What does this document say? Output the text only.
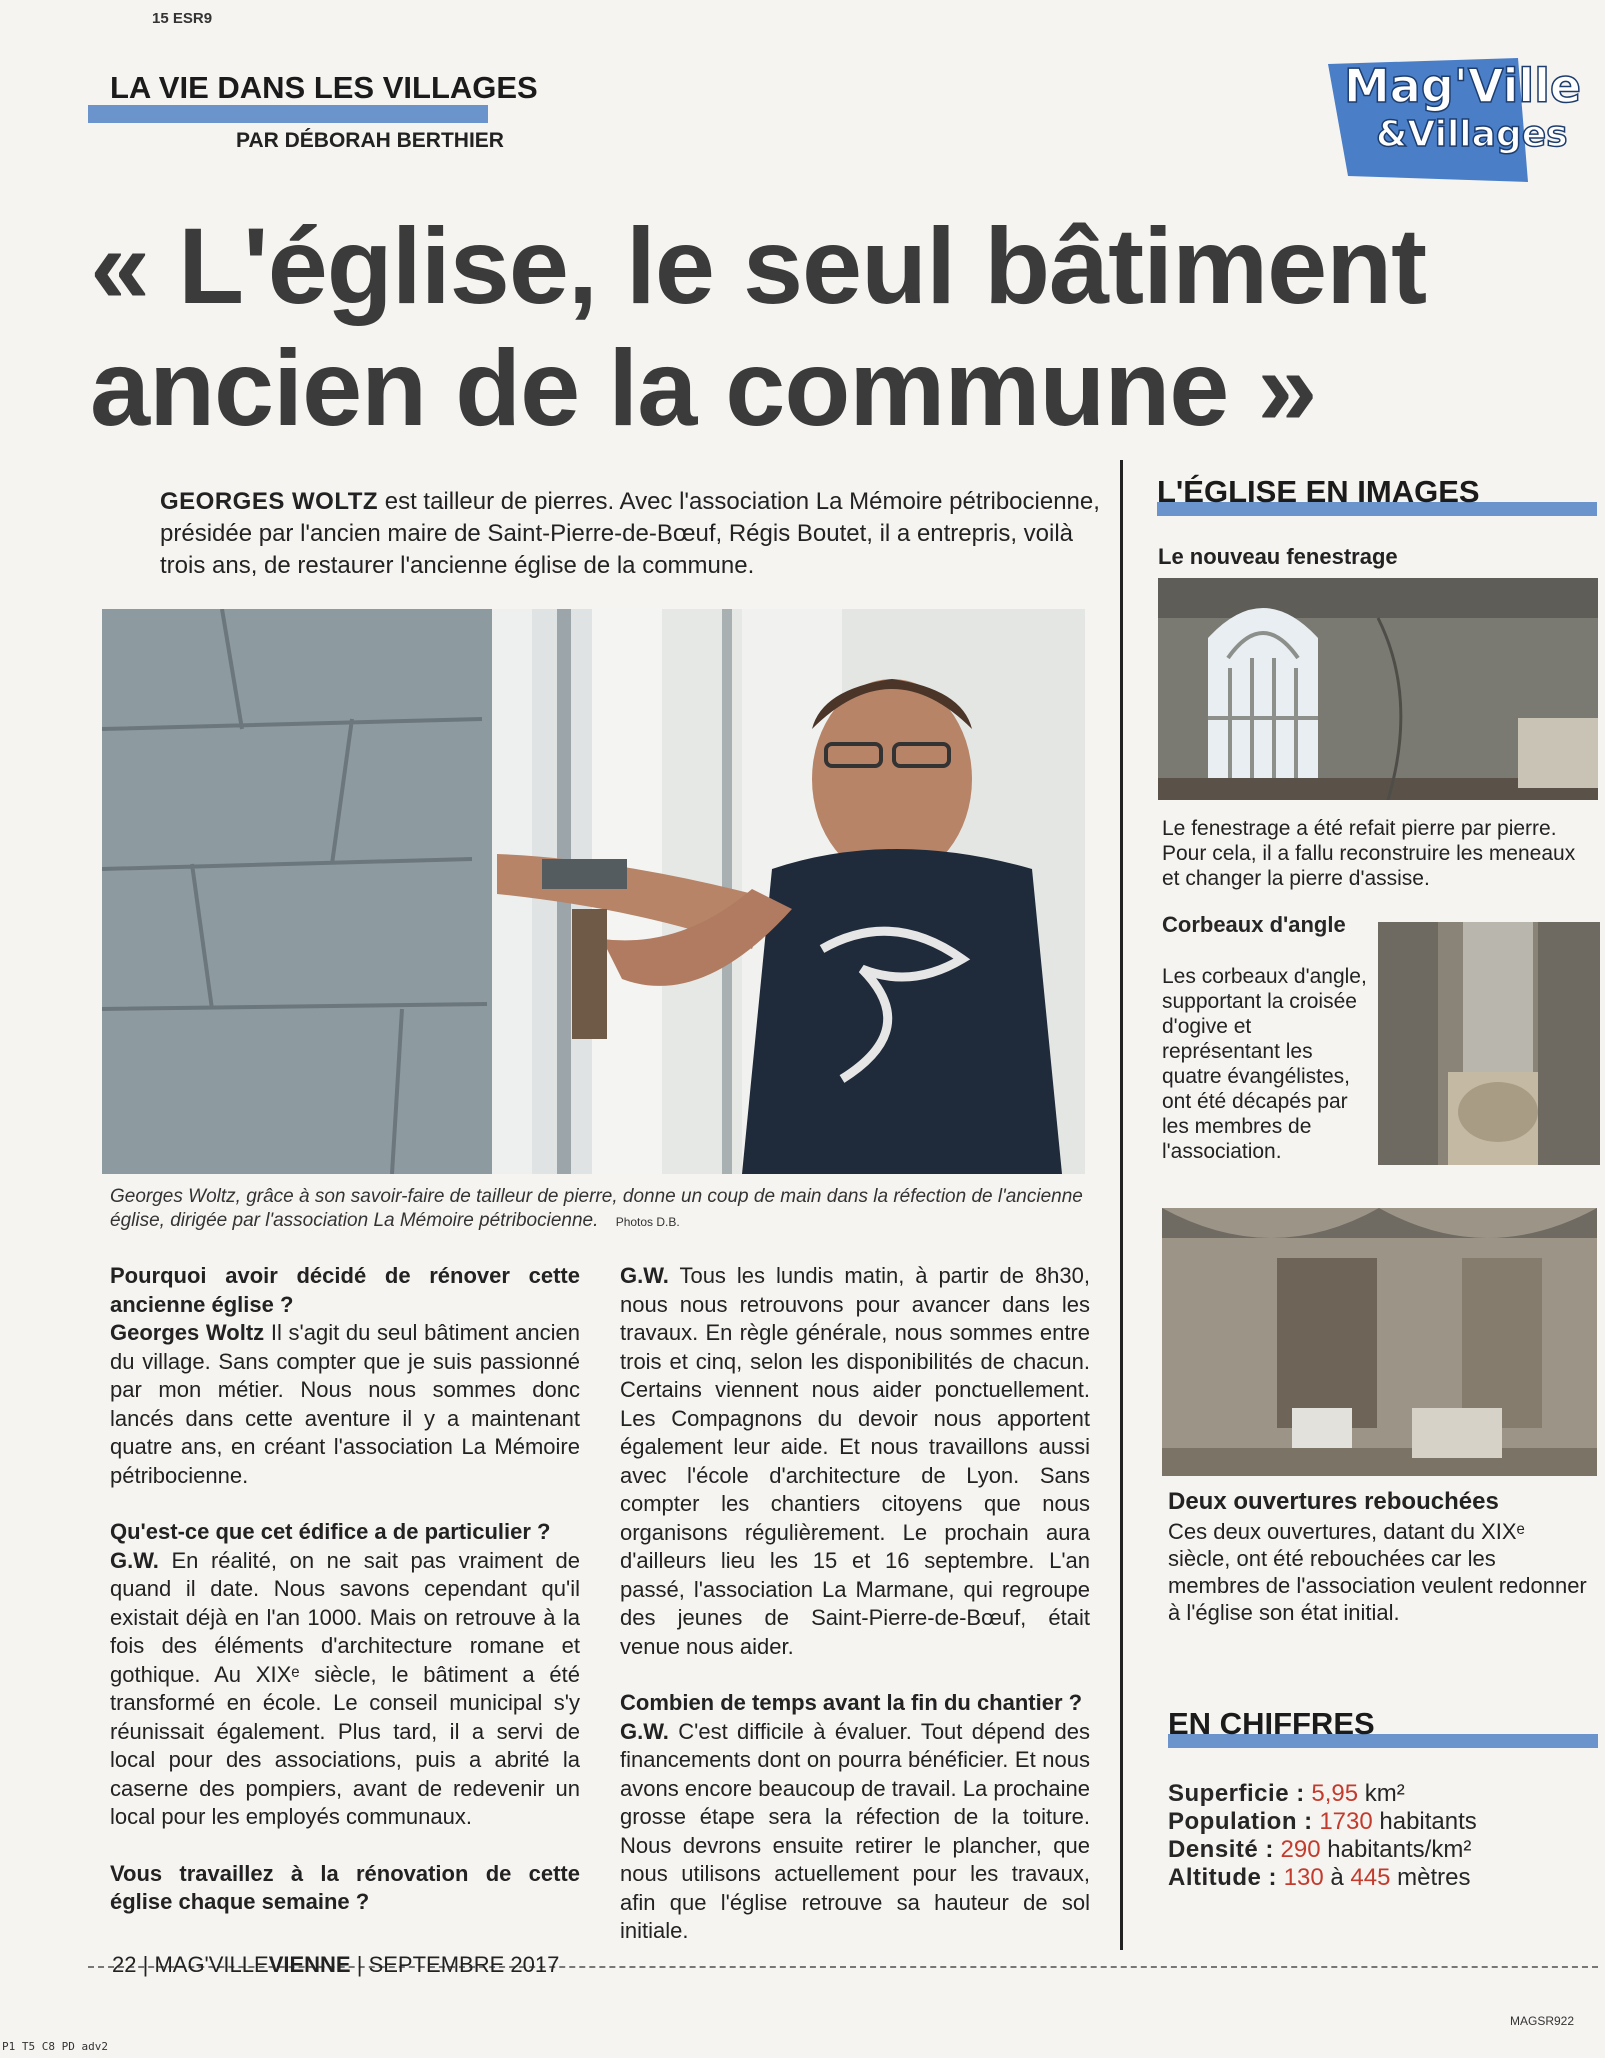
15 ESR9
LA VIE DANS LES VILLAGES
PAR DÉBORAH BERTHIER
Mag'Ville
&Villages
« L'église, le seul bâtiment ancien de la commune »
GEORGES WOLTZ est tailleur de pierres. Avec l'association La Mémoire pétribocienne, présidée par l'ancien maire de Saint-Pierre-de-Bœuf, Régis Boutet, il a entrepris, voilà trois ans, de restaurer l'ancienne église de la commune.
Georges Woltz, grâce à son savoir-faire de tailleur de pierre, donne un coup de main dans la réfection de l'ancienne église, dirigée par l'association La Mémoire pétribocienne. Photos D.B.

Pourquoi avoir décidé de rénover cette ancienne église ?
Georges Woltz Il s'agit du seul bâtiment ancien du village. Sans compter que je suis passionné par mon métier. Nous nous sommes donc lancés dans cette aventure il y a maintenant quatre ans, en créant l'association La Mémoire pétribocienne.

Qu'est-ce que cet édifice a de particulier ?
G.W. En réalité, on ne sait pas vraiment de quand il date. Nous savons cependant qu'il existait déjà en l'an 1000. Mais on retrouve à la fois des éléments d'architecture romane et gothique. Au XIXᵉ siècle, le bâtiment a été transformé en école. Le conseil municipal s'y réunissait également. Plus tard, il a servi de local pour des associations, puis a abrité la caserne des pompiers, avant de redevenir un local pour les employés communaux.

Vous travaillez à la rénovation de cette église chaque semaine ?

G.W. Tous les lundis matin, à partir de 8h30, nous nous retrouvons pour avancer dans les travaux. En règle générale, nous sommes entre trois et cinq, selon les disponibilités de chacun. Certains viennent nous aider ponctuellement. Les Compagnons du devoir nous apportent également leur aide. Et nous travaillons aussi avec l'école d'architecture de Lyon. Sans compter les chantiers citoyens que nous organisons régulièrement. Le prochain aura d'ailleurs lieu les 15 et 16 septembre. L'an passé, l'association La Marmane, qui regroupe des jeunes de Saint-Pierre-de-Bœuf, était venue nous aider.

Combien de temps avant la fin du chantier ?
G.W. C'est difficile à évaluer. Tout dépend des financements dont on pourra bénéficier. Et nous avons encore beaucoup de travail. La prochaine grosse étape sera la réfection de la toiture. Nous devrons ensuite retirer le plancher, que nous utilisons actuellement pour les travaux, afin que l'église retrouve sa hauteur de sol initiale.

L'ÉGLISE EN IMAGES
Le nouveau fenestrage
Le fenestrage a été refait pierre par pierre. Pour cela, il a fallu reconstruire les meneaux et changer la pierre d'assise.
Corbeaux d'angle
Les corbeaux d'angle, supportant la croisée d'ogive et représentant les quatre évangélistes, ont été décapés par les membres de l'association.
Deux ouvertures rebouchées
Ces deux ouvertures, datant du XIXᵉ siècle, ont été rebouchées car les membres de l'association veulent redonner à l'église son état initial.
EN CHIFFRES
Superficie : 5,95 km²
Population : 1730 habitants
Densité : 290 habitants/km²
Altitude : 130 à 445 mètres
22 | MAG'VILLEVIENNE | SEPTEMBRE 2017
MAGSR922
P1 T5 C8 PD adv2
